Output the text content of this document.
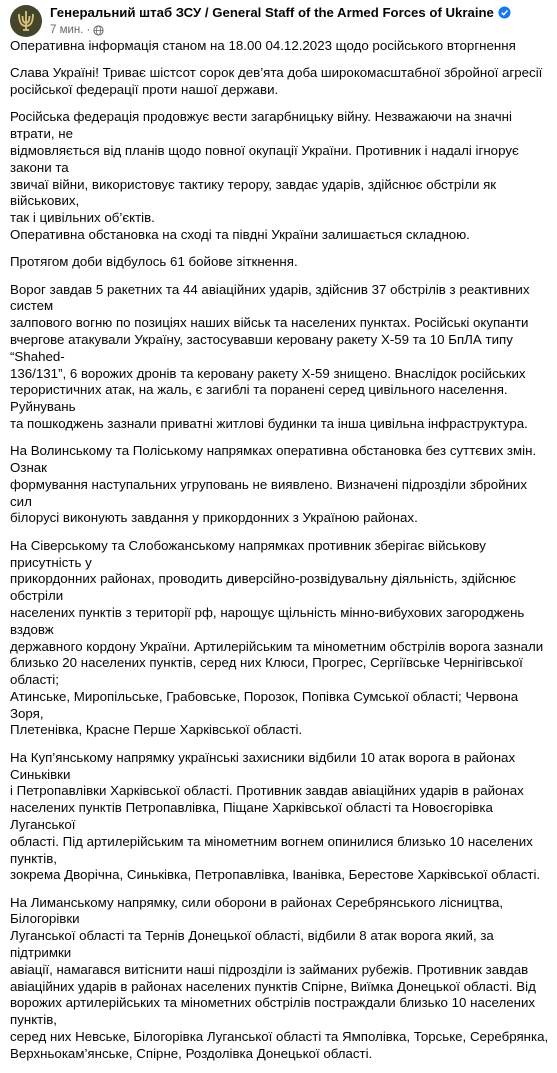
Генеральний штаб ЗСУ / General Staff of the Armed Forces of Ukraine
7 мин. ·

Оперативна інформація станом на 18.00 04.12.2023 щодо російського вторгнення

Слава Україні! Триває шістсот сорок дев’ята доба широкомасштабної збройної агресії
російської федерації проти нашої держави.

Російська федерація продовжує вести загарбницьку війну. Незважаючи на значні втрати, не
відмовляється від планів щодо повної окупації України. Противник і надалі ігнорує закони та
звичаї війни, використовує тактику терору, завдає ударів, здійснює обстріли як військових,
так і цивільних об’єктів.
Оперативна обстановка на сході та півдні України залишається складною.

Протягом доби відбулось 61 бойове зіткнення.

Ворог завдав 5 ракетних та 44 авіаційних ударів, здійснив 37 обстрілів з реактивних систем
залпового вогню по позиціях наших військ та населених пунктах. Російські окупанти
вчергове атакували Україну, застосувавши керовану ракету Х-59 та 10 БпЛА типу “Shahed-
136/131”, 6 ворожих дронів та керовану ракету Х-59 знищено. Внаслідок російських
терористичних атак, на жаль, є загиблі та поранені серед цивільного населення. Руйнувань
та пошкоджень зазнали приватні житлові будинки та інша цивільна інфраструктура.

На Волинському та Поліському напрямках оперативна обстановка без суттєвих змін. Ознак
формування наступальних угруповань не виявлено. Визначені підрозділи збройних сил
білорусі виконують завдання у прикордонних з Україною районах.

На Сіверському та Слобожанському напрямках противник зберігає військову присутність у
прикордонних районах, проводить диверсійно-розвідувальну діяльність, здійснює обстріли
населених пунктів з території рф, нарощує щільність мінно-вибухових загороджень вздовж
державного кордону України. Артилерійським та мінометним обстрілів ворога зазнали
близько 20 населених пунктів, серед них Клюси, Прогрес, Сергіївське Чернігівської області;
Атинське, Миропільське, Грабовське, Порозок, Попівка Сумської області; Червона Зоря,
Плетенівка, Красне Перше Харківської області.

На Куп’янському напрямку українські захисники відбили 10 атак ворога в районах Синьківки
і Петропавлівки Харківської області. Противник завдав авіаційних ударів в районах
населених пунктів Петропавлівка, Піщане Харківської області та Новоєгорівка Луганської
області. Під артилерійським та мінометним вогнем опинилися близько 10 населених пунктів,
зокрема Дворічна, Синьківка, Петропавлівка, Іванівка, Берестове Харківської області.

На Лиманському напрямку, сили оборони в районах Серебрянського лісництва, Білогорівки
Луганської області та Тернів Донецької області, відбили 8 атак ворога який, за підтримки
авіації, намагався витіснити наші підрозділи із займаних рубежів. Противник завдав
авіаційних ударів в районах населених пунктів Спірне, Виїмка Донецької області. Від
ворожих артилерійських та мінометних обстрілів постраждали близько 10 населених пунктів,
серед них Невське, Білогорівка Луганської області та Ямполівка, Торське, Серебрянка,
Верхньокам’янське, Спірне, Роздолівка Донецької області.
